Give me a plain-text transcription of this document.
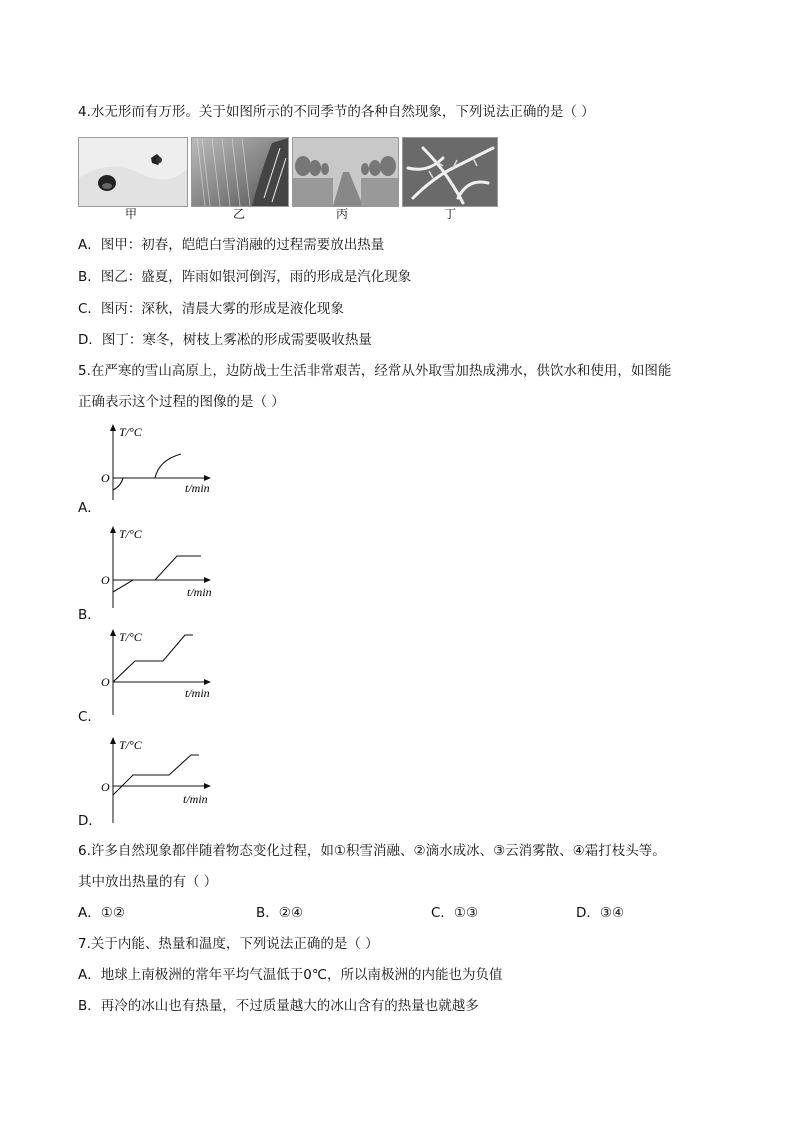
4.水无形而有万形。关于如图所示的不同季节的各种自然现象，下列说法正确的是（ ）
甲	乙	丙	丁
A．图甲：初春，皑皑白雪消融的过程需要放出热量
B．图乙：盛夏，阵雨如银河倒泻，雨的形成是汽化现象
C．图丙：深秋，清晨大雾的形成是液化现象
D．图丁：寒冬，树枝上雾凇的形成需要吸收热量
5.在严寒的雪山高原上，边防战士生活非常艰苦，经常从外取雪加热成沸水，供饮水和使用，如图能
正确表示这个过程的图像的是（ ）
T/°C
O
t/min
A．
T/°C
O
t/min
B．
T/°C
O
t/min
C．
T/°C
O
t/min
D．
6.许多自然现象都伴随着物态变化过程，如①积雪消融、②滴水成冰、③云消雾散、④霜打枝头等。
其中放出热量的有（ ）
A．①②	B．②④	C．①③	D．③④
7.关于内能、热量和温度，下列说法正确的是（ ）
A．地球上南极洲的常年平均气温低于0℃，所以南极洲的内能也为负值
B．再冷的冰山也有热量，不过质量越大的冰山含有的热量也就越多
